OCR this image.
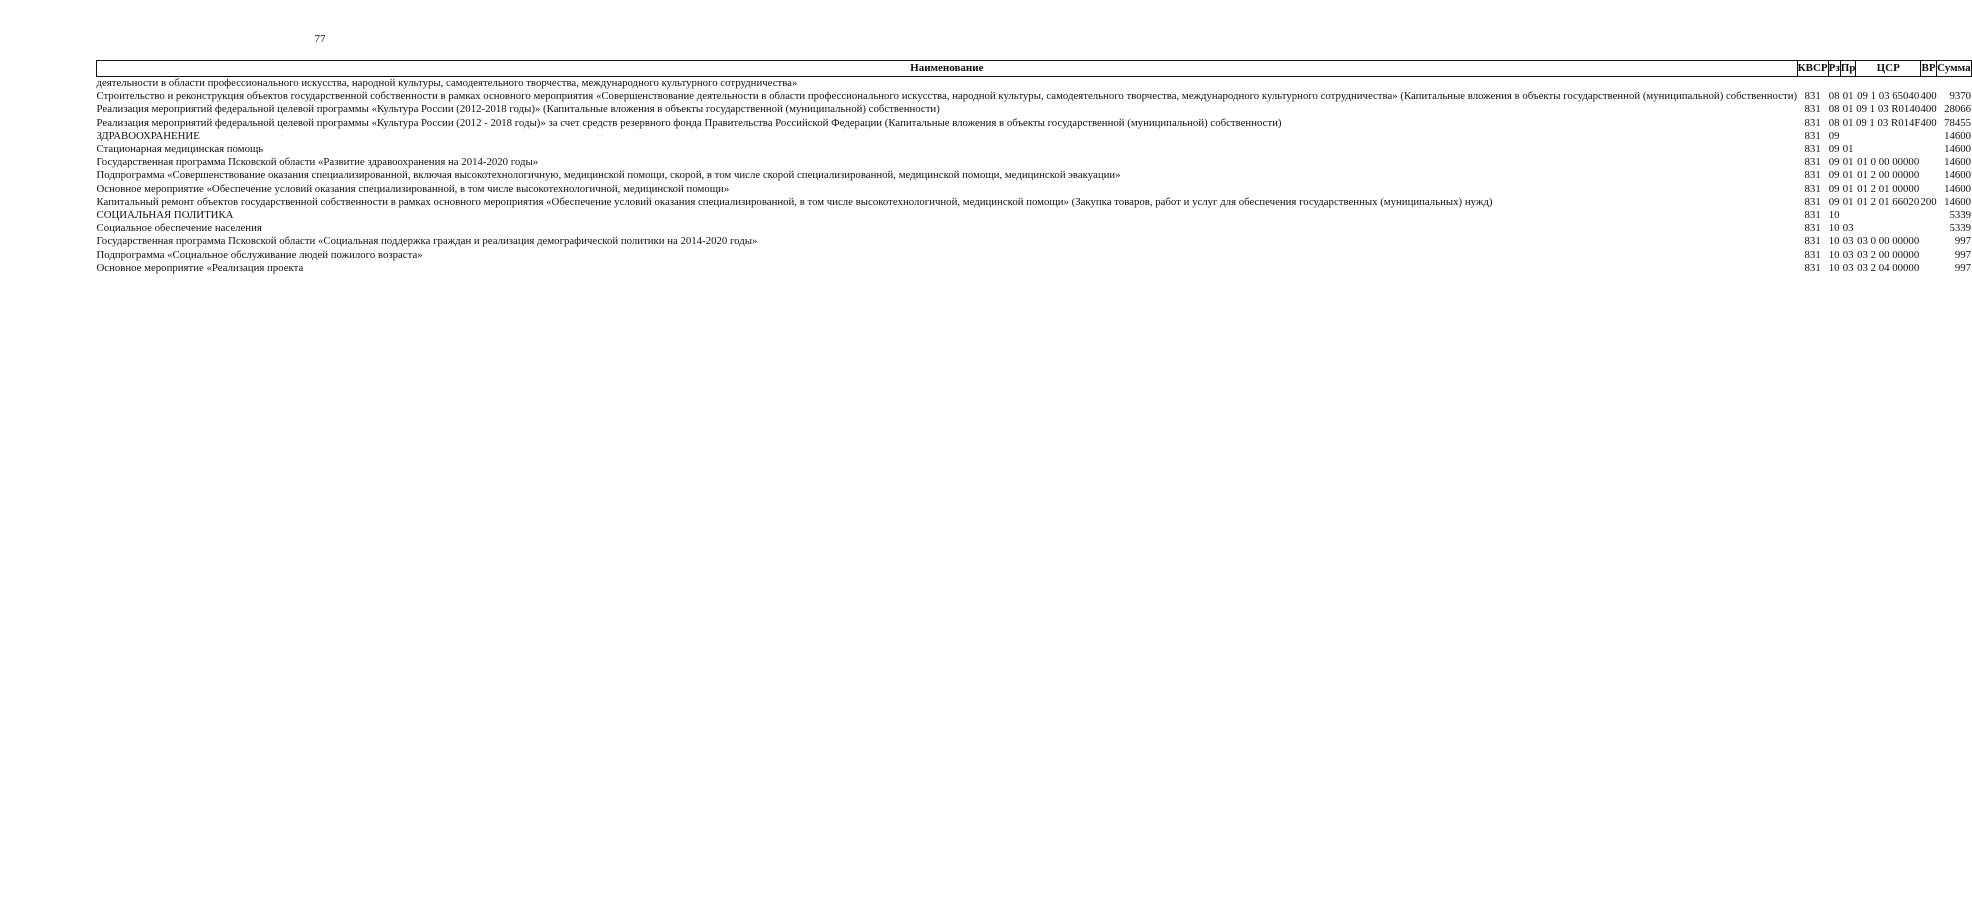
77
Наименование	КВСР	Рз	Пр	ЦСР	ВР	Сумма
деятельности в области профессионального искусства, народной культуры, самодеятельного творчества, международного культурного сотрудничества»						
Строительство и реконструкция объектов государственной собственности в рамках основного мероприятия «Совершенствование деятельности в области профессионального искусства, народной культуры, самодеятельного творчества, международного культурного сотрудничества» (Капитальные вложения в объекты государственной (муниципальной) собственности)	831	08	01	09 1 03 65040	400	9370
Реализация мероприятий федеральной целевой программы «Культура России (2012-2018 годы)» (Капитальные вложения в объекты государственной (муниципальной) собственности)	831	08	01	09 1 03 R0140	400	28066
Реализация мероприятий федеральной целевой программы «Культура России (2012 - 2018 годы)» за счет средств резервного фонда Правительства Российской Федерации (Капитальные вложения в объекты государственной (муниципальной) собственности)	831	08	01	09 1 03 R014F	400	78455
ЗДРАВООХРАНЕНИЕ	831	09				14600
Стационарная медицинская помощь	831	09	01			14600
Государственная программа Псковской области «Развитие здравоохранения на 2014-2020 годы»	831	09	01	01 0 00 00000		14600
Подпрограмма «Совершенствование оказания специализированной, включая высокотехнологичную, медицинской помощи, скорой, в том числе скорой специализированной, медицинской помощи, медицинской эвакуации»	831	09	01	01 2 00 00000		14600
Основное мероприятие «Обеспечение условий оказания специализированной, в том числе высокотехнологичной, медицинской помощи»	831	09	01	01 2 01 00000		14600
Капитальный ремонт объектов государственной собственности в рамках основного мероприятия «Обеспечение условий оказания специализированной, в том числе высокотехнологичной, медицинской помощи» (Закупка товаров, работ и услуг для обеспечения государственных (муниципальных) нужд)	831	09	01	01 2 01 66020	200	14600
СОЦИАЛЬНАЯ ПОЛИТИКА	831	10				5339
Социальное обеспечение населения	831	10	03			5339
Государственная программа Псковской области «Социальная поддержка граждан и реализация демографической политики на 2014-2020 годы»	831	10	03	03 0 00 00000		997
Подпрограмма «Социальное обслуживание людей пожилого возраста»	831	10	03	03 2 00 00000		997
Основное мероприятие «Реализация проекта	831	10	03	03 2 04 00000		997
